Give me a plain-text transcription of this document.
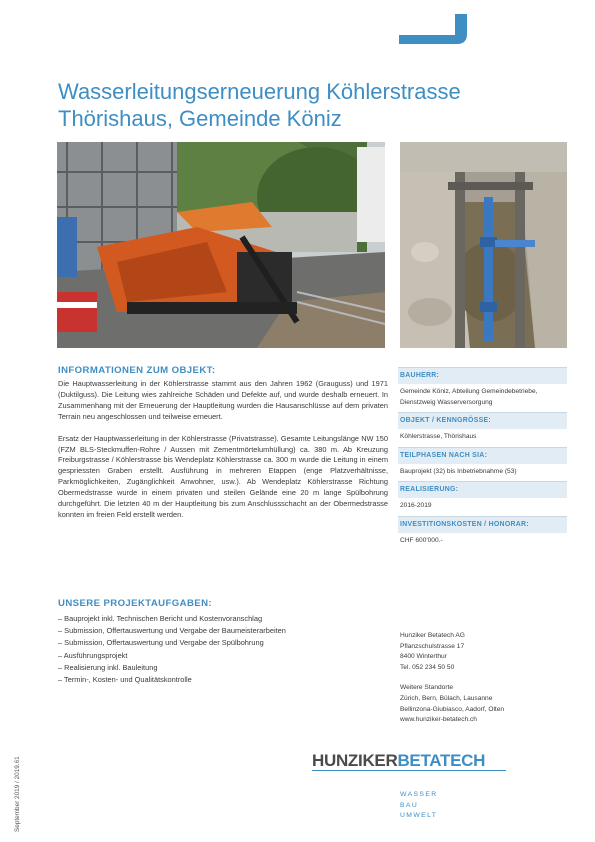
Wasserleitungserneuerung Köhlerstrasse
Thörishaus, Gemeinde Köniz
INFORMATIONEN ZUM OBJEKT:

Die Hauptwasserleitung in der Köhlerstrasse stammt aus den Jahren 1962 (Grauguss) und 1971 (Duktilguss). Die Leitung wies zahlreiche Schäden und Defekte auf, und wurde deshalb erneuert. In Zusammenhang mit der Erneuerung der Hauptleitung wurden die Hausanschlüsse auf dem privaten Terrain neu angeschlossen und teilweise erneuert.

Ersatz der Hauptwasserleitung in der Köhlerstrasse (Privatstrasse). Gesamte Leitungslänge NW 150 (FZM BLS-Steckmuffen-Rohre / Aussen mit Zementmörtelumhüllung) ca. 380 m. Ab Kreuzung Freiburgstrasse / Köhlerstrasse bis Wendeplatz Köhlerstrasse ca. 300 m wurde die Leitung in einem gespriessten Graben erstellt. Ausführung in mehreren Etappen (enge Platzverhältnisse, Parkmöglichkeiten, Zugänglichkeit Anwohner, usw.). Ab Wendeplatz Köhlerstrasse Richtung Obermedstrasse wurde in einem privaten und steilen Gelände eine 20 m lange Spülbohrung durchgeführt. Die letzten 40 m der Hauptleitung bis zum Anschlussschacht an der Obermedstrasse konnten im freien Feld erstellt werden.

BAUHERR:
Gemeinde Köniz, Abteilung Gemeindebetriebe, Dienstzweig Wasserversorgung
OBJEKT / KENNGRÖSSE:
Köhlerstrasse, Thörishaus
TEILPHASEN NACH SIA:
Bauprojekt (32) bis Inbetriebnahme (53)
REALISIERUNG:
2016-2019
INVESTITIONSKOSTEN / HONORAR:
CHF 600'000.-
UNSERE PROJEKTAUFGABEN:
– Bauprojekt inkl. Technischen Bericht und Kostenvoranschlag
– Submission, Offertauswertung und Vergabe der Baumeisterarbeiten
– Submission, Offertauswertung und Vergabe der Spülbohrung
– Ausführungsprojekt
– Realisierung inkl. Bauleitung
– Termin-, Kosten- und Qualitätskontrolle
Hunziker Betatech AG
Pflanzschulstrasse 17
8400 Winterthur
Tel. 052 234 50 50
Weitere Standorte
Zürich, Bern, Bülach, Lausanne
Bellinzona-Giubiasco, Aadorf, Olten
www.hunziker-betatech.ch
HUNZIKERBETATECH
WASSER
BAU
UMWELT
September 2019 / 2019.61
